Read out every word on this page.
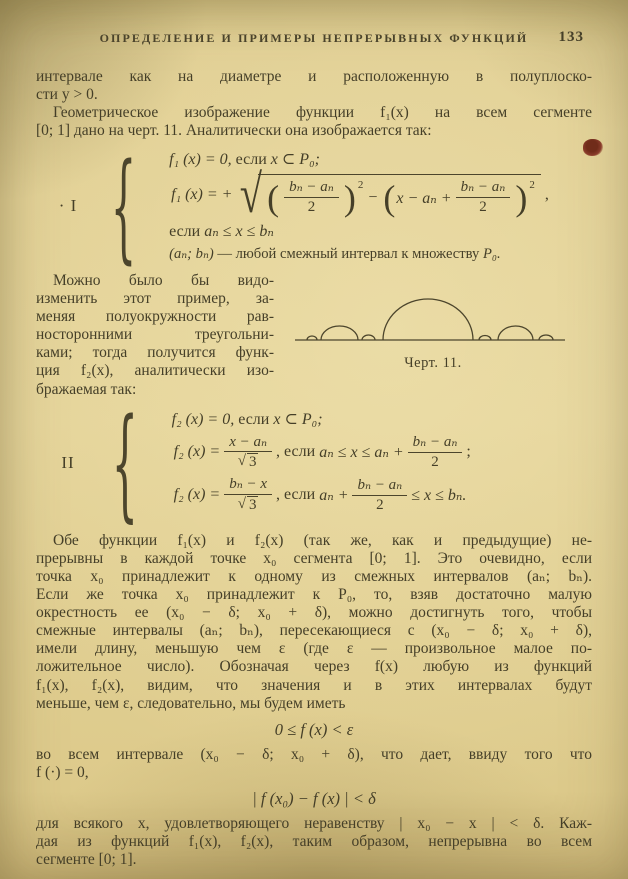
ОПРЕДЕЛЕНИЕ И ПРИМЕРЫ НЕПРЕРЫВНЫХ ФУНКЦИЙ	133
интервале как на диаметре и расположенную в полуплоско-
сти y > 0.
Геометрическое изображение функции f₁(x) на всем сегменте
[0; 1] дано на черт. 11. Аналитически она изображается так:
· I { f₁ (x) = 0, если x ⊂ P₀;
f₁ (x) = + √ ( $\frac{\text{bₙ − aₙ}}{2}$ ) 2
− ( $x - a_n + \frac{\text{bₙ − aₙ}}{2}$ ) 2
,
если aₙ ≤ x ≤ bₙ
(aₙ; bₙ) — любой смежный интервал к множеству P₀.
Можно было бы видо-
изменить этот пример, за-
меняя полуокружности рав-
носторонними треугольни-
ками; тогда получится функ-
ция f₂(x), аналитически изо-
бражаемая так:
Черт. 11.
II { f₂ (x) = 0, если x ⊂ P₀;
f₂ $(x) = \frac{\text{x − aₙ}}{√ 3}$ , если $a_n \le x \le a_n + \frac{\text{bₙ − aₙ}}{2}$ ;
f₂ $(x) = \frac{\text{bₙ − x}}{√ 3}$ , если $a_n + \frac{\text{bₙ − aₙ}}{2} \le x \le b_n$.
Обе функции f₁(x) и f₂(x) (так же, как и предыдущие) не-
прерывны в каждой точке x₀ сегмента [0; 1]. Это очевидно, если
точка x₀ принадлежит к одному из смежных интервалов (aₙ; bₙ).
Если же точка x₀ принадлежит к P₀, то, взяв достаточно малую
окрестность ее (x₀ − δ; x₀ + δ), можно достигнуть того, чтобы
смежные интервалы (aₙ; bₙ), пересекающиеся с (x₀ − δ; x₀ + δ),
имели длину, меньшую чем ε (где ε — произвольное малое по-
ложительное число). Обозначая через f(x) любую из функций
f₁(x), f₂(x), видим, что значения и в этих интервалах будут
меньше, чем ε, следовательно, мы будем иметь
0 ≤ f (x) < ε
во всем интервале (x₀ − δ; x₀ + δ), что дает, ввиду того что
f (·) = 0,
| f (x₀) − f (x) | < δ
для всякого x, удовлетворяющего неравенству | x₀ − x | < δ. Каж-
дая из функций f₁(x), f₂(x), таким образом, непрерывна во всем
сегменте [0; 1].
